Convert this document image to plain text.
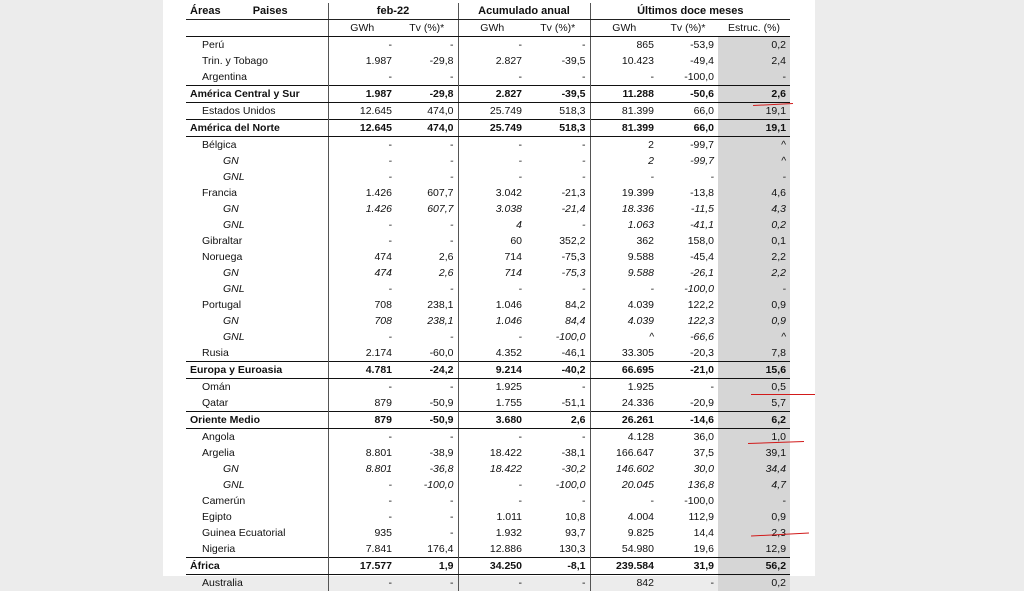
Áreas Paises	feb-22		Acumulado anual		Últimos doce meses		
	GWh	Tv (%)*	GWh	Tv (%)*	GWh	Tv (%)*	Estruc. (%)
Perú	-	-	-	-	865	-53,9	0,2
Trin. y Tobago	1.987	-29,8	2.827	-39,5	10.423	-49,4	2,4
Argentina	-	-	-	-	-	-100,0	-
América Central y Sur	1.987	-29,8	2.827	-39,5	11.288	-50,6	2,6
Estados Unidos	12.645	474,0	25.749	518,3	81.399	66,0	19,1
América del Norte	12.645	474,0	25.749	518,3	81.399	66,0	19,1
Bélgica	-	-	-	-	2	-99,7	^
GN	-	-	-	-	2	-99,7	^
GNL	-	-	-	-	-	-	-
Francia	1.426	607,7	3.042	-21,3	19.399	-13,8	4,6
GN	1.426	607,7	3.038	-21,4	18.336	-11,5	4,3
GNL	-	-	4	-	1.063	-41,1	0,2
Gibraltar	-	-	60	352,2	362	158,0	0,1
Noruega	474	2,6	714	-75,3	9.588	-45,4	2,2
GN	474	2,6	714	-75,3	9.588	-26,1	2,2
GNL	-	-	-	-	-	-100,0	-
Portugal	708	238,1	1.046	84,2	4.039	122,2	0,9
GN	708	238,1	1.046	84,4	4.039	122,3	0,9
GNL	-	-	-	-100,0	^	-66,6	^
Rusia	2.174	-60,0	4.352	-46,1	33.305	-20,3	7,8
Europa y Euroasia	4.781	-24,2	9.214	-40,2	66.695	-21,0	15,6
Omán	-	-	1.925	-	1.925	-	0,5
Qatar	879	-50,9	1.755	-51,1	24.336	-20,9	5,7
Oriente Medio	879	-50,9	3.680	2,6	26.261	-14,6	6,2
Angola	-	-	-	-	4.128	36,0	1,0
Argelia	8.801	-38,9	18.422	-38,1	166.647	37,5	39,1
GN	8.801	-36,8	18.422	-30,2	146.602	30,0	34,4
GNL	-	-100,0	-	-100,0	20.045	136,8	4,7
Camerún	-	-	-	-	-	-100,0	-
Egipto	-	-	1.011	10,8	4.004	112,9	0,9
Guinea Ecuatorial	935	-	1.932	93,7	9.825	14,4	2,3
Nigeria	7.841	176,4	12.886	130,3	54.980	19,6	12,9
África	17.577	1,9	34.250	-8,1	239.584	31,9	56,2
Australia	-	-	-	-	842	-	0,2
